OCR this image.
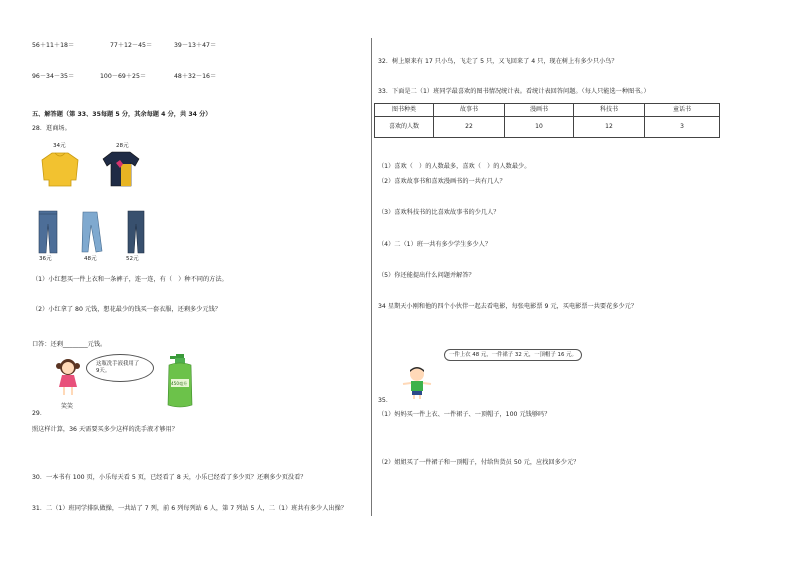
56＋11＋18＝	77＋12－45＝	39－13＋47＝
96－34－35＝	100－69＋25＝	48＋32－16＝
五、解答题（第 33、35每题 5 分，其余每题 4 分，共 34 分）
28．逛商场。
34元	28元
36元	48元	52元
（1）小红想买一件上衣和一条裤子，连一连，有（　）种不同的方法。
（2）小红拿了 80 元钱，想花最少的钱买一套衣服，还剩多少元钱？
口答：还剩________元钱。
笑笑
这瓶洗手液我用了 9天。
450毫升
29．
照这样计算，36 天需要买多少这样的洗手液才够用？
30．一本书有 100 页，小乐每天看 5 页，已经看了 8 天，小乐已经看了多少页？还剩多少页没看？
31．二（1）班同学排队做操，一共站了 7 列，前 6 列每列站 6 人，第 7 列站 5 人，二（1）班共有多少人出操？
32．树上原来有 17 只小鸟，飞走了 5 只，又飞回来了 4 只，现在树上有多少只小鸟？
33．下面是二（1）班同学最喜欢的图书情况统计表。看统计表回答问题。（每人只能选一种图书。）
图书种类	故事书	漫画书	科技书	童话书
喜欢的人数	22	10	12	3
（1）喜欢（　）的人数最多，喜欢（　）的人数最少。
（2）喜欢故事书和喜欢漫画书的一共有几人？
（3）喜欢科技书的比喜欢故事书的少几人？
（4）二（1）班一共有多少学生多少人？
（5）你还能提出什么问题并解答？
34 星期天小刚和他的四个小伙伴一起去看电影，每张电影票 9 元，买电影票一共要花多少元？
一件上衣 48 元，一件裙子 32 元，一顶帽子 16 元。
35．
（1）妈妈买一件上衣、一件裙子、一顶帽子，100 元钱够吗？
（2）姐姐买了一件裙子和一顶帽子，付给售货员 50 元，应找回多少元？
